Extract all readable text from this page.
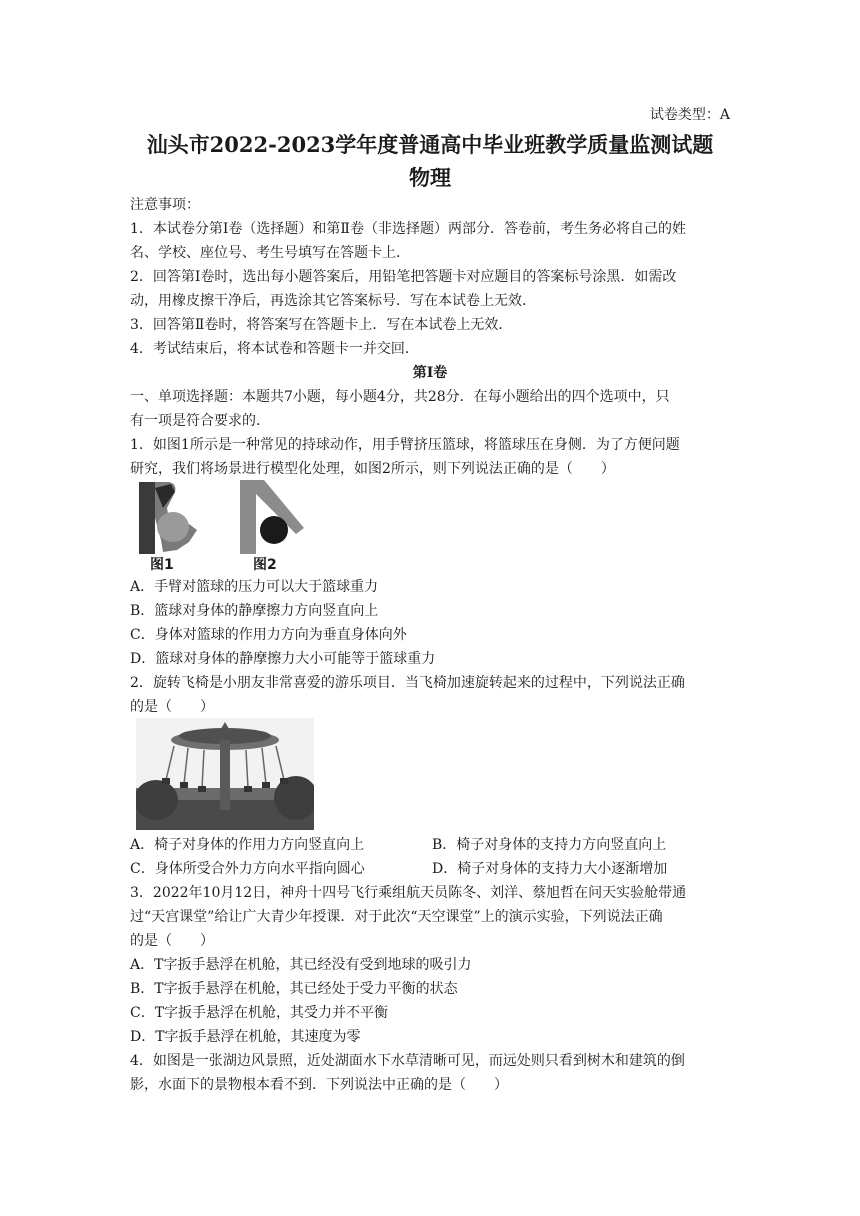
试卷类型：A
汕头市2022-2023学年度普通高中毕业班教学质量监测试题
物理
注意事项：
1．本试卷分第Ⅰ卷（选择题）和第Ⅱ卷（非选择题）两部分．答卷前，考生务必将自己的姓
名、学校、座位号、考生号填写在答题卡上．
2．回答第Ⅰ卷时，选出每小题答案后，用铅笔把答题卡对应题目的答案标号涂黑．如需改
动，用橡皮擦干净后，再选涂其它答案标号．写在本试卷上无效．
3．回答第Ⅱ卷时，将答案写在答题卡上．写在本试卷上无效．
4．考试结束后，将本试卷和答题卡一并交回．
第Ⅰ卷
一、单项选择题：本题共7小题，每小题4分，共28分．在每小题给出的四个选项中，只
有一项是符合要求的．
1．如图1所示是一种常见的持球动作，用手臂挤压篮球，将篮球压在身侧．为了方便问题
研究，我们将场景进行模型化处理，如图2所示，则下列说法正确的是（　　）
图1	图2
A．手臂对篮球的压力可以大于篮球重力
B．篮球对身体的静摩擦力方向竖直向上
C．身体对篮球的作用力方向为垂直身体向外
D．篮球对身体的静摩擦力大小可能等于篮球重力
2．旋转飞椅是小朋友非常喜爱的游乐项目．当飞椅加速旋转起来的过程中，下列说法正确
的是（　　）
A．椅子对身体的作用力方向竖直向上	B．椅子对身体的支持力方向竖直向上
C．身体所受合外力方向水平指向圆心	D．椅子对身体的支持力大小逐渐增加
3．2022年10月12日，神舟十四号飞行乘组航天员陈冬、刘洋、蔡旭哲在问天实验舱带通
过“天宫课堂”给让广大青少年授课．对于此次“天空课堂”上的演示实验，下列说法正确
的是（　　）
A．T字扳手悬浮在机舱，其已经没有受到地球的吸引力
B．T字扳手悬浮在机舱，其已经处于受力平衡的状态
C．T字扳手悬浮在机舱，其受力并不平衡
D．T字扳手悬浮在机舱，其速度为零
4．如图是一张湖边风景照，近处湖面水下水草清晰可见，而远处则只看到树木和建筑的倒
影，水面下的景物根本看不到．下列说法中正确的是（　　）
